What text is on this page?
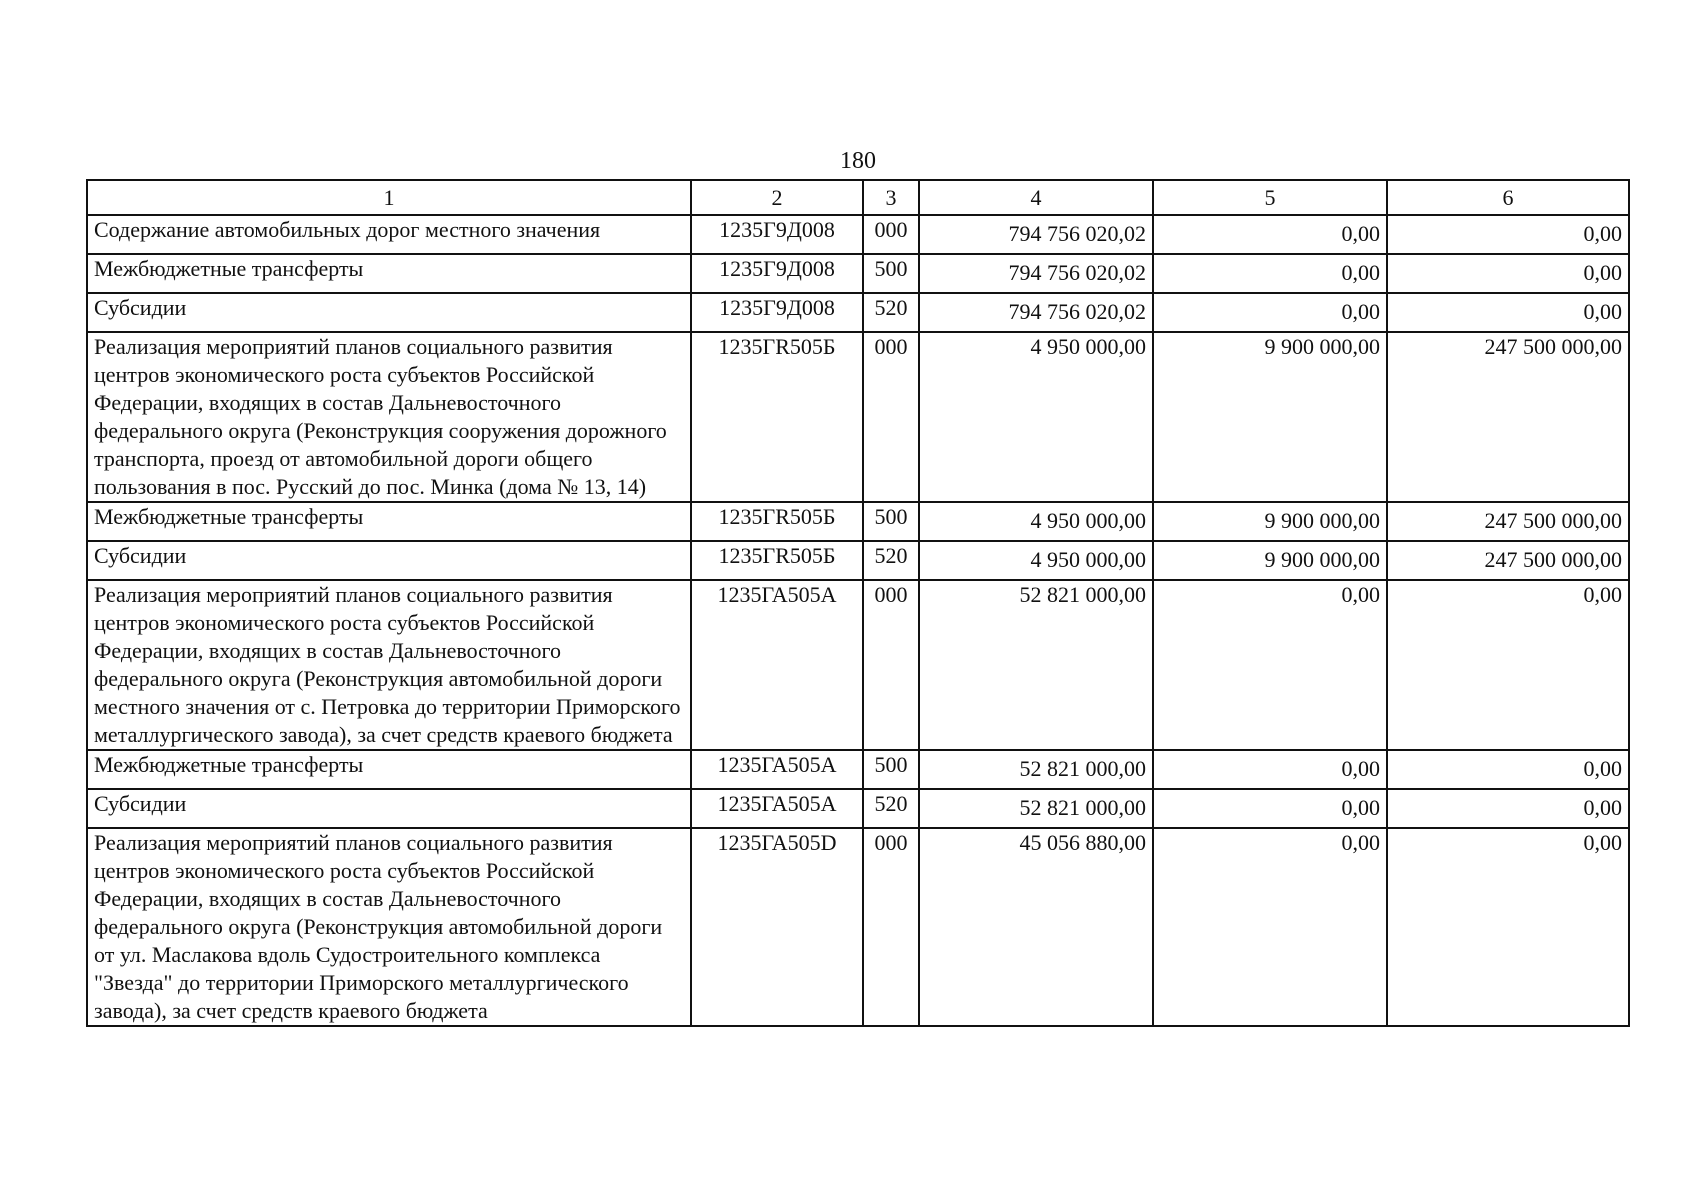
180
1	2	3	4	5	6
Содержание автомобильных дорог местного значения	1235Г9Д008	000	794 756 020,02	0,00	0,00
Межбюджетные трансферты	1235Г9Д008	500	794 756 020,02	0,00	0,00
Субсидии	1235Г9Д008	520	794 756 020,02	0,00	0,00
Реализация мероприятий планов социального развития центров экономического роста субъектов Российской Федерации, входящих в состав Дальневосточного федерального округа (Реконструкция сооружения дорожного транспорта, проезд от автомобильной дороги общего пользования в пос. Русский до пос. Минка (дома № 13, 14)	1235ГR505Б	000	4 950 000,00	9 900 000,00	247 500 000,00
Межбюджетные трансферты	1235ГR505Б	500	4 950 000,00	9 900 000,00	247 500 000,00
Субсидии	1235ГR505Б	520	4 950 000,00	9 900 000,00	247 500 000,00
Реализация мероприятий планов социального развития центров экономического роста субъектов Российской Федерации, входящих в состав Дальневосточного федерального округа (Реконструкция автомобильной дороги местного значения от с. Петровка до территории Приморского металлургического завода), за счет средств краевого бюджета	1235ГА505А	000	52 821 000,00	0,00	0,00
Межбюджетные трансферты	1235ГА505А	500	52 821 000,00	0,00	0,00
Субсидии	1235ГА505А	520	52 821 000,00	0,00	0,00
Реализация мероприятий планов социального развития центров экономического роста субъектов Российской Федерации, входящих в состав Дальневосточного федерального округа (Реконструкция автомобильной дороги от ул. Маслакова вдоль Судостроительного комплекса "Звезда" до территории Приморского металлургического завода), за счет средств краевого бюджета	1235ГА505D	000	45 056 880,00	0,00	0,00
